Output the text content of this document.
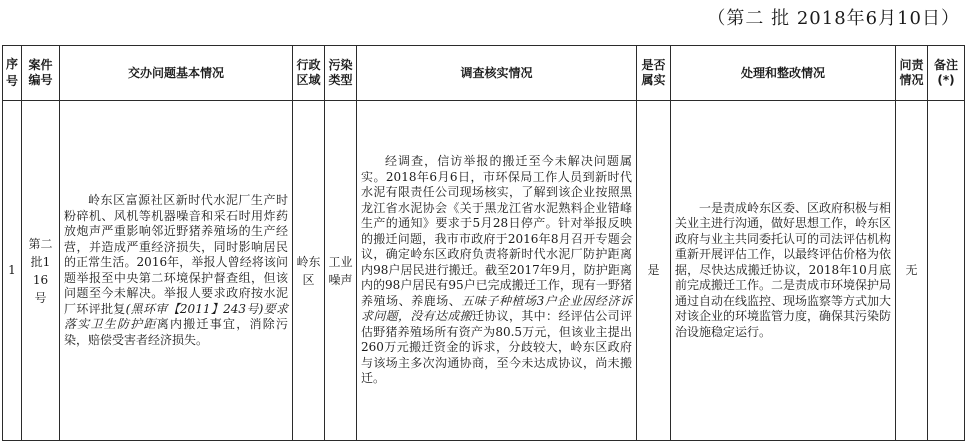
（第二 批 2018年6月10日）
序号	案件编号	交办问题基本情况	行政区域	污染类型	调查核实情况	是否属实	处理和整改情况	问责情况	备注(*)

1	第二批116号	岭东区富源社区新时代水泥厂生产时粉碎机、风机等机器噪音和采石时用炸药放炮声严重影响邻近野猪养殖场的生产经营，并造成严重经济损失，同时影响居民的正常生活。2016年，举报人曾经将该问题举报至中央第二环境保护督查组，但该问题至今未解决。举报人要求政府按水泥厂环评批复(黑环审【2011】243号)要求落实卫生防护距离内搬迁事宜，消除污染，赔偿受害者经济损失。	岭东区	工业噪声	经调查，信访举报的搬迁至今未解决问题属实。2018年6月6日，市环保局工作人员到新时代水泥有限责任公司现场核实，了解到该企业按照黑龙江省水泥协会《关于黑龙江省水泥熟料企业错峰生产的通知》要求于5月28日停产。针对举报反映的搬迁问题，我市市政府于2016年8月召开专题会议，确定岭东区政府负责将新时代水泥厂防护距离内98户居民进行搬迁。截至2017年9月，防护距离内的98户居民有95户已完成搬迁工作，现有一野猪养殖场、养鹿场、五味子种植场3户企业因经济诉求问题，没有达成搬迁协议，其中：经评估公司评估野猪养殖场所有资产为80.5万元，但该业主提出260万元搬迁资金的诉求，分歧较大，岭东区政府与该场主多次沟通协商，至今未达成协议，尚未搬迁。	是	一是责成岭东区委、区政府积极与相关业主进行沟通，做好思想工作，岭东区政府与业主共同委托认可的司法评估机构重新开展评估工作，以最终评估价格为依据，尽快达成搬迁协议，2018年10月底前完成搬迁工作。二是责成市环境保护局通过自动在线监控、现场监察等方式加大对该企业的环境监管力度，确保其污染防治设施稳定运行。	无	
